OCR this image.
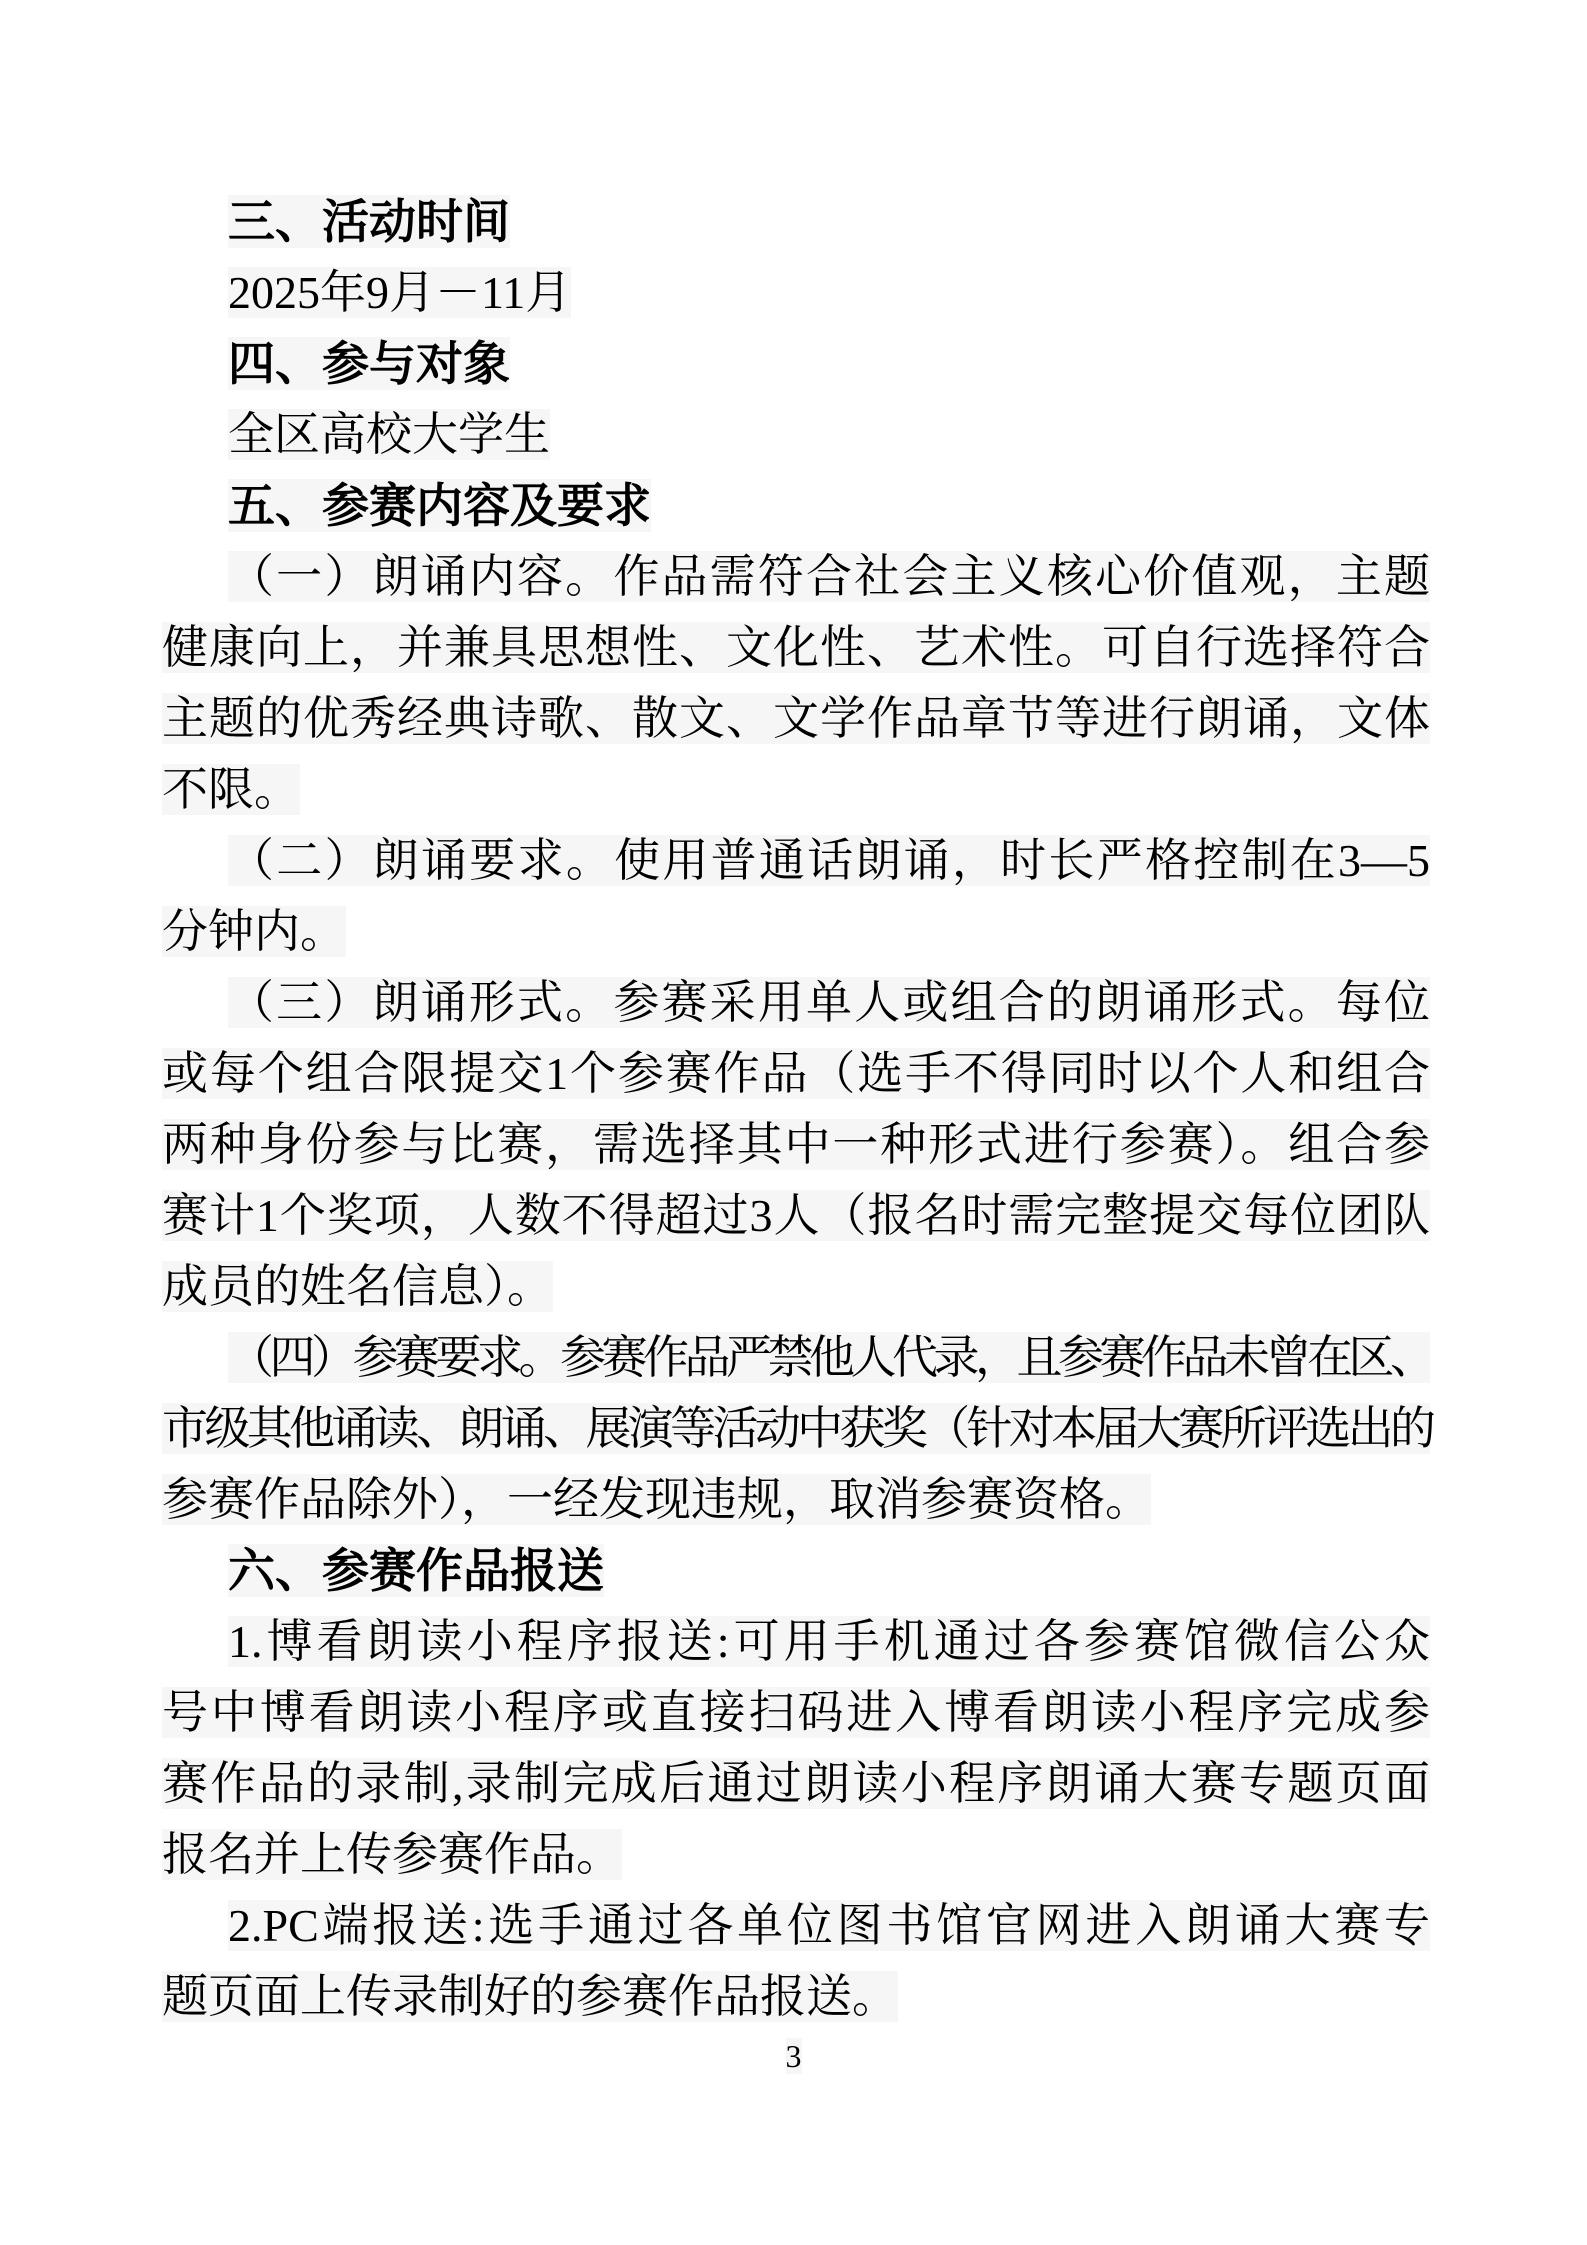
三、活动时间
2025年9月－11月
四、参与对象
全区高校大学生
五、参赛内容及要求
（一）朗诵内容。作品需符合社会主义核心价值观，主题
健康向上，并兼具思想性、文化性、艺术性。可自行选择符合
主题的优秀经典诗歌、散文、文学作品章节等进行朗诵，文体
不限。
（二）朗诵要求。使用普通话朗诵，时长严格控制在3—5
分钟内。
（三）朗诵形式。参赛采用单人或组合的朗诵形式。每位
或每个组合限提交1个参赛作品（选手不得同时以个人和组合
两种身份参与比赛，需选择其中一种形式进行参赛）。组合参
赛计1个奖项，人数不得超过3人（报名时需完整提交每位团队
成员的姓名信息）。
（四）参赛要求。参赛作品严禁他人代录，且参赛作品未曾在区、
市级其他诵读、朗诵、展演等活动中获奖（针对本届大赛所评选出的
参赛作品除外），一经发现违规，取消参赛资格。
六、参赛作品报送
1.博看朗读小程序报送:可用手机通过各参赛馆微信公众
号中博看朗读小程序或直接扫码进入博看朗读小程序完成参
赛作品的录制,录制完成后通过朗读小程序朗诵大赛专题页面
报名并上传参赛作品。
2.PC端报送:选手通过各单位图书馆官网进入朗诵大赛专
题页面上传录制好的参赛作品报送。
3
